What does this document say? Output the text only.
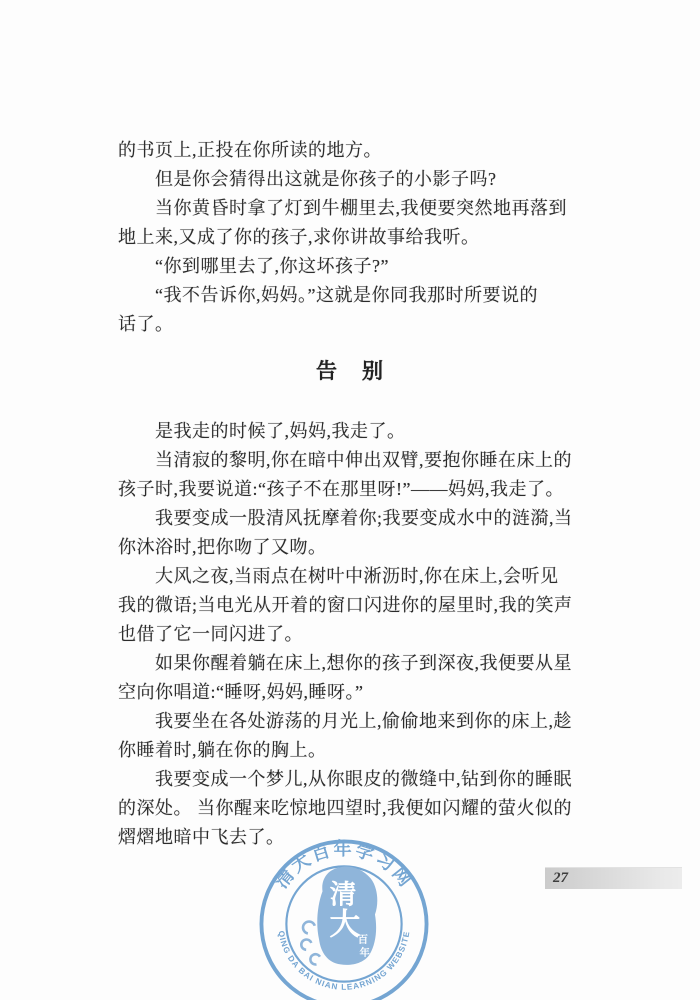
的书页上,正投在你所读的地方。
但是你会猜得出这就是你孩子的小影子吗?
当你黄昏时拿了灯到牛棚里去,我便要突然地再落到
地上来,又成了你的孩子,求你讲故事给我听。
“你到哪里去了,你这坏孩子?”
“我不告诉你,妈妈。”这就是你同我那时所要说的
话了。
告　别
是我走的时候了,妈妈,我走了。
当清寂的黎明,你在暗中伸出双臂,要抱你睡在床上的
孩子时,我要说道:“孩子不在那里呀!”——妈妈,我走了。
我要变成一股清风抚摩着你;我要变成水中的涟漪,当
你沐浴时,把你吻了又吻。
大风之夜,当雨点在树叶中淅沥时,你在床上,会听见
我的微语;当电光从开着的窗口闪进你的屋里时,我的笑声
也借了它一同闪进了。
如果你醒着躺在床上,想你的孩子到深夜,我便要从星
空向你唱道:“睡呀,妈妈,睡呀。”
我要坐在各处游荡的月光上,偷偷地来到你的床上,趁
你睡着时,躺在你的胸上。
我要变成一个梦儿,从你眼皮的微缝中,钻到你的睡眠
的深处。 当你醒来吃惊地四望时,我便如闪耀的萤火似的
熠熠地暗中飞去了。
清大百年学习网
QING DA BAI NIAN LEARNING WEBSITE
清
大
百
年
27
